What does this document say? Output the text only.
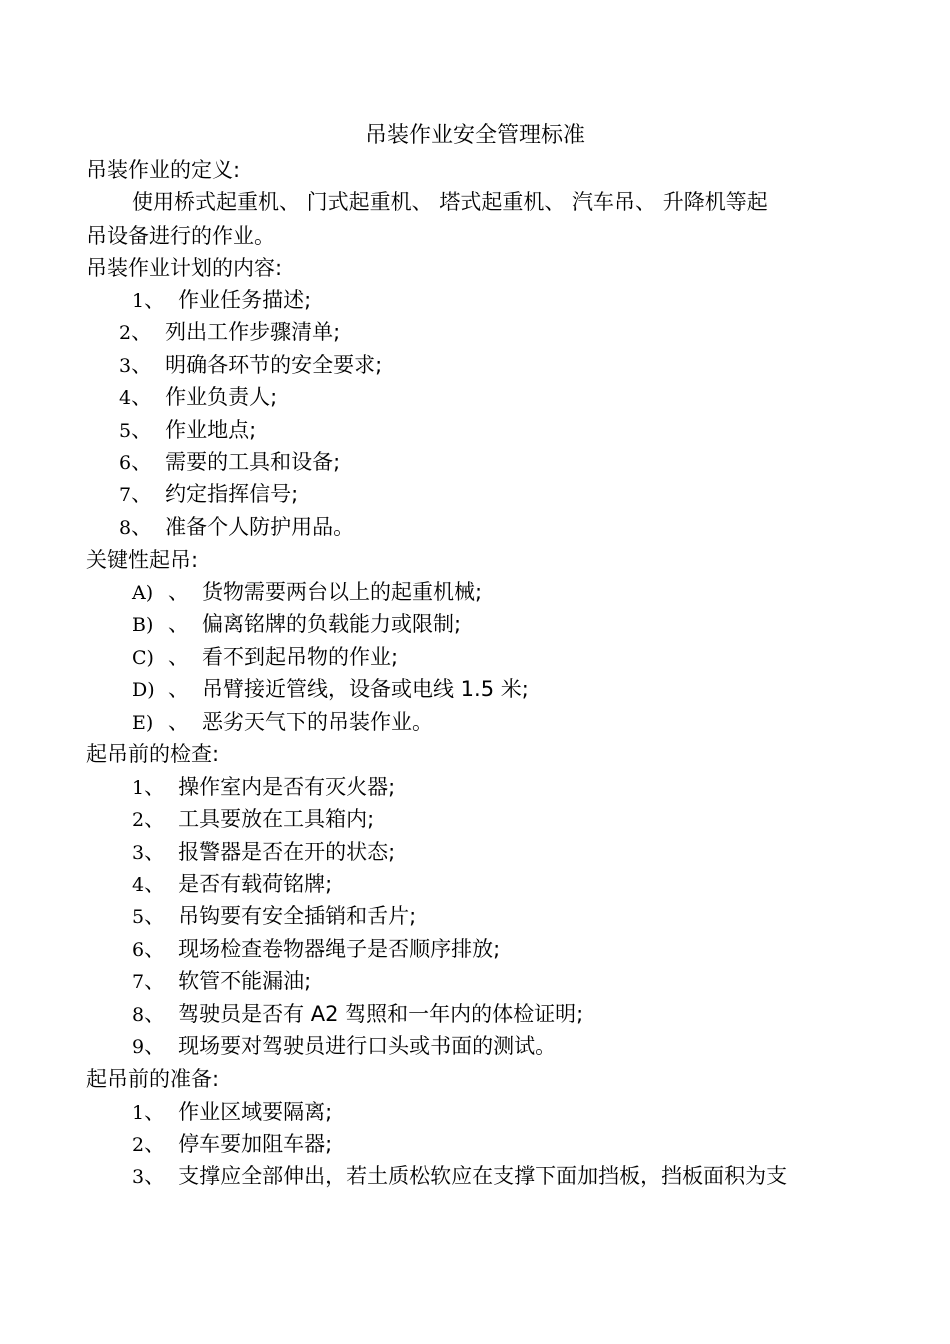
吊装作业安全管理标准
吊装作业的定义:
使用桥式起重机、 门式起重机、 塔式起重机、 汽车吊、 升降机等起
吊设备进行的作业。
吊装作业计划的内容:
1、 作业任务描述;
2、 列出工作步骤清单;
3、 明确各环节的安全要求;
4、 作业负责人;
5、 作业地点;
6、 需要的工具和设备;
7、 约定指挥信号;
8、 准备个人防护用品。
关键性起吊:
A) 、 货物需要两台以上的起重机械;
B) 、 偏离铭牌的负载能力或限制;
C) 、 看不到起吊物的作业;
D) 、 吊臂接近管线，设备或电线 1.5 米;
E) 、 恶劣天气下的吊装作业。
起吊前的检查:
1、 操作室内是否有灭火器;
2、 工具要放在工具箱内;
3、 报警器是否在开的状态;
4、 是否有载荷铭牌;
5、 吊钩要有安全插销和舌片;
6、 现场检查卷物器绳子是否顺序排放;
7、 软管不能漏油;
8、 驾驶员是否有 A2 驾照和一年内的体检证明;
9、 现场要对驾驶员进行口头或书面的测试。
起吊前的准备:
1、 作业区域要隔离;
2、 停车要加阻车器;
3、 支撑应全部伸出，若土质松软应在支撑下面加挡板，挡板面积为支
